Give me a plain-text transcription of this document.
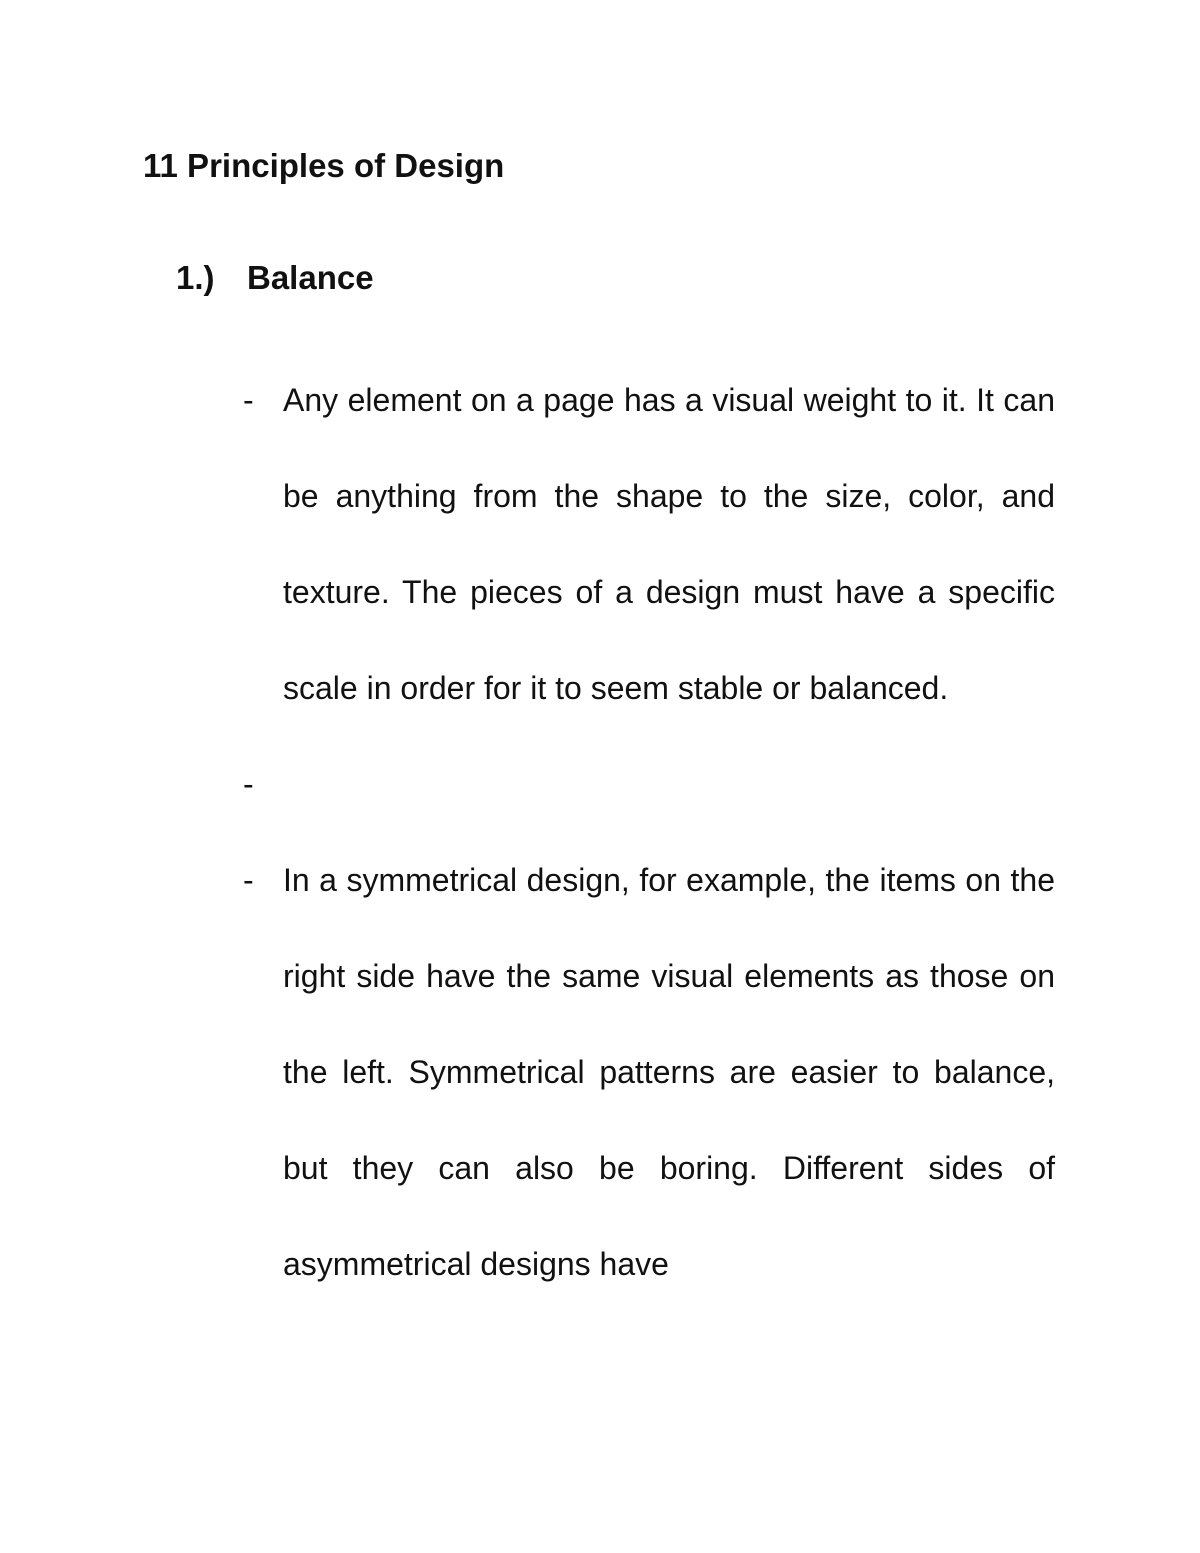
11 Principles of Design
1.) Balance
- Any element on a page has a visual weight to it. It can be anything from the shape to the size, color, and texture. The pieces of a design must have a specific scale in order for it to seem stable or balanced.
-
- In a symmetrical design, for example, the items on the right side have the same visual elements as those on the left. Symmetrical patterns are easier to balance, but they can also be boring. Different sides of asymmetrical designs have
